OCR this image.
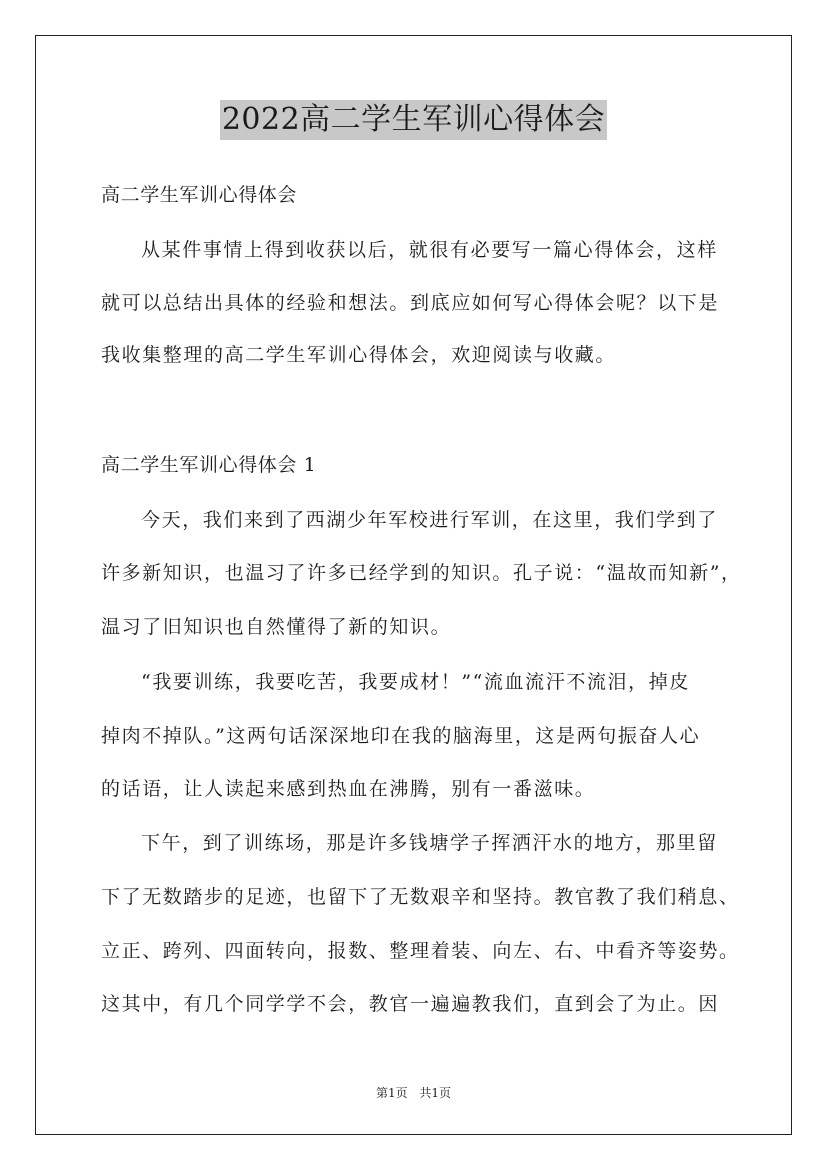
2022高二学生军训心得体会
高二学生军训心得体会
从某件事情上得到收获以后，就很有必要写一篇心得体会，这样
就可以总结出具体的经验和想法。到底应如何写心得体会呢？以下是
我收集整理的高二学生军训心得体会，欢迎阅读与收藏。
高二学生军训心得体会 1
今天，我们来到了西湖少年军校进行军训，在这里，我们学到了
许多新知识，也温习了许多已经学到的知识。孔子说：“温故而知新”，
温习了旧知识也自然懂得了新的知识。
“我要训练，我要吃苦，我要成材！”“流血流汗不流泪，掉皮
掉肉不掉队。”这两句话深深地印在我的脑海里，这是两句振奋人心
的话语，让人读起来感到热血在沸腾，别有一番滋味。
下午，到了训练场，那是许多钱塘学子挥洒汗水的地方，那里留
下了无数踏步的足迹，也留下了无数艰辛和坚持。教官教了我们稍息、
立正、跨列、四面转向，报数、整理着装、向左、右、中看齐等姿势。
这其中，有几个同学学不会，教官一遍遍教我们，直到会了为止。因
第1页 共1页
